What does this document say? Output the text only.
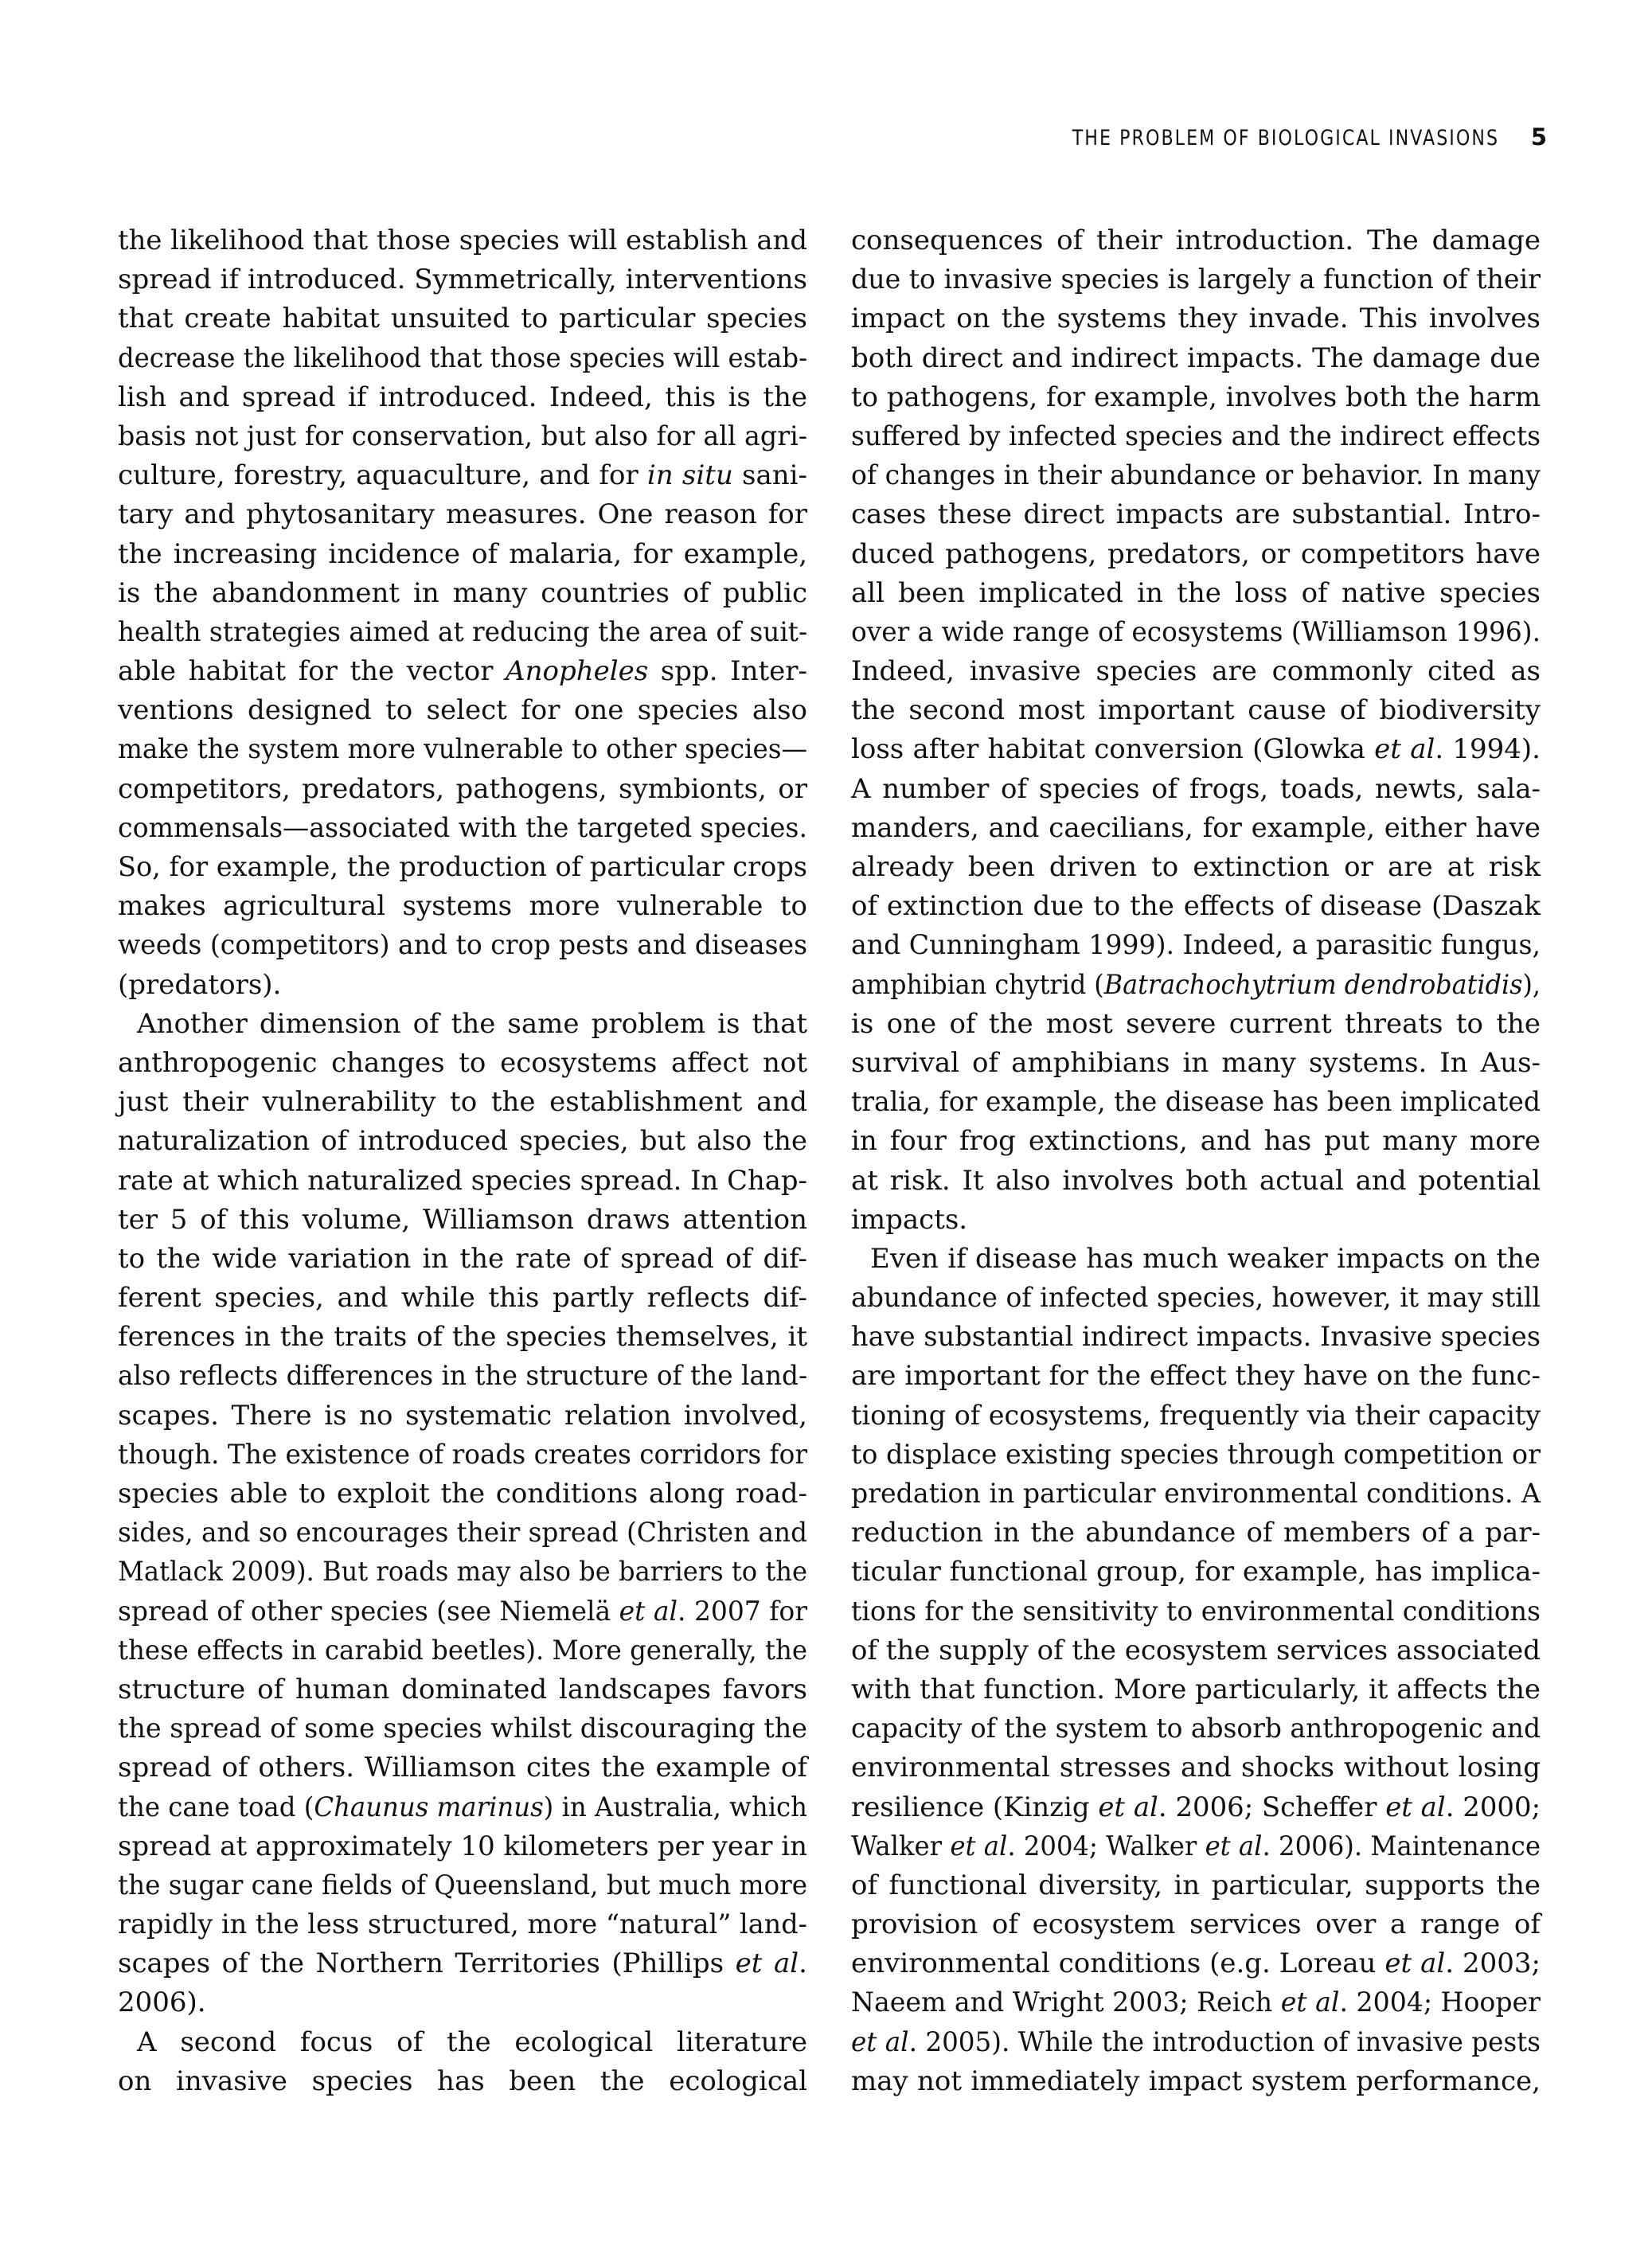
THE PROBLEM OF BIOLOGICAL INVASIONS 5
the likelihood that those species will establish and
spread if introduced. Symmetrically, interventions
that create habitat unsuited to particular species
decrease the likelihood that those species will estab-
lish and spread if introduced. Indeed, this is the
basis not just for conservation, but also for all agri-
culture, forestry, aquaculture, and for in situ sani-
tary and phytosanitary measures. One reason for
the increasing incidence of malaria, for example,
is the abandonment in many countries of public
health strategies aimed at reducing the area of suit-
able habitat for the vector Anopheles spp. Inter-
ventions designed to select for one species also
make the system more vulnerable to other species—
competitors, predators, pathogens, symbionts, or
commensals—associated with the targeted species.
So, for example, the production of particular crops
makes agricultural systems more vulnerable to
weeds (competitors) and to crop pests and diseases
(predators).
Another dimension of the same problem is that
anthropogenic changes to ecosystems affect not
just their vulnerability to the establishment and
naturalization of introduced species, but also the
rate at which naturalized species spread. In Chap-
ter 5 of this volume, Williamson draws attention
to the wide variation in the rate of spread of dif-
ferent species, and while this partly reflects dif-
ferences in the traits of the species themselves, it
also reflects differences in the structure of the land-
scapes. There is no systematic relation involved,
though. The existence of roads creates corridors for
species able to exploit the conditions along road-
sides, and so encourages their spread (Christen and
Matlack 2009). But roads may also be barriers to the
spread of other species (see Niemelä et al. 2007 for
these effects in carabid beetles). More generally, the
structure of human dominated landscapes favors
the spread of some species whilst discouraging the
spread of others. Williamson cites the example of
the cane toad (Chaunus marinus) in Australia, which
spread at approximately 10 kilometers per year in
the sugar cane fields of Queensland, but much more
rapidly in the less structured, more “natural” land-
scapes of the Northern Territories (Phillips et al.
2006).
A second focus of the ecological literature
on invasive species has been the ecological
consequences of their introduction. The damage
due to invasive species is largely a function of their
impact on the systems they invade. This involves
both direct and indirect impacts. The damage due
to pathogens, for example, involves both the harm
suffered by infected species and the indirect effects
of changes in their abundance or behavior. In many
cases these direct impacts are substantial. Intro-
duced pathogens, predators, or competitors have
all been implicated in the loss of native species
over a wide range of ecosystems (Williamson 1996).
Indeed, invasive species are commonly cited as
the second most important cause of biodiversity
loss after habitat conversion (Glowka et al. 1994).
A number of species of frogs, toads, newts, sala-
manders, and caecilians, for example, either have
already been driven to extinction or are at risk
of extinction due to the effects of disease (Daszak
and Cunningham 1999). Indeed, a parasitic fungus,
amphibian chytrid (Batrachochytrium dendrobatidis),
is one of the most severe current threats to the
survival of amphibians in many systems. In Aus-
tralia, for example, the disease has been implicated
in four frog extinctions, and has put many more
at risk. It also involves both actual and potential
impacts.
Even if disease has much weaker impacts on the
abundance of infected species, however, it may still
have substantial indirect impacts. Invasive species
are important for the effect they have on the func-
tioning of ecosystems, frequently via their capacity
to displace existing species through competition or
predation in particular environmental conditions. A
reduction in the abundance of members of a par-
ticular functional group, for example, has implica-
tions for the sensitivity to environmental conditions
of the supply of the ecosystem services associated
with that function. More particularly, it affects the
capacity of the system to absorb anthropogenic and
environmental stresses and shocks without losing
resilience (Kinzig et al. 2006; Scheffer et al. 2000;
Walker et al. 2004; Walker et al. 2006). Maintenance
of functional diversity, in particular, supports the
provision of ecosystem services over a range of
environmental conditions (e.g. Loreau et al. 2003;
Naeem and Wright 2003; Reich et al. 2004; Hooper
et al. 2005). While the introduction of invasive pests
may not immediately impact system performance,
